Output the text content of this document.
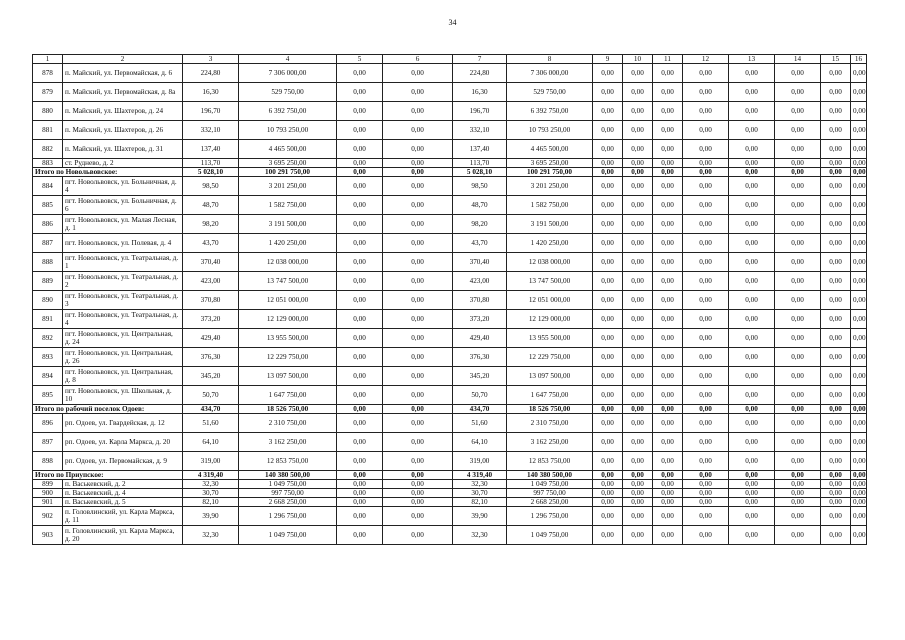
34
1	2	3	4	5	6	7	8	9	10	11	12	13	14	15	16
878	п. Майский, ул. Первомайская, д. 6	224,80	7 306 000,00	0,00	0,00	224,80	7 306 000,00	0,00	0,00	0,00	0,00	0,00	0,00	0,00	0,00
879	п. Майский, ул. Первомайская, д. 8а	16,30	529 750,00	0,00	0,00	16,30	529 750,00	0,00	0,00	0,00	0,00	0,00	0,00	0,00	0,00
880	п. Майский, ул. Шахтеров, д. 24	196,70	6 392 750,00	0,00	0,00	196,70	6 392 750,00	0,00	0,00	0,00	0,00	0,00	0,00	0,00	0,00
881	п. Майский, ул. Шахтеров, д. 26	332,10	10 793 250,00	0,00	0,00	332,10	10 793 250,00	0,00	0,00	0,00	0,00	0,00	0,00	0,00	0,00
882	п. Майский, ул. Шахтеров, д. 31	137,40	4 465 500,00	0,00	0,00	137,40	4 465 500,00	0,00	0,00	0,00	0,00	0,00	0,00	0,00	0,00
883	ст. Руднево, д. 2	113,70	3 695 250,00	0,00	0,00	113,70	3 695 250,00	0,00	0,00	0,00	0,00	0,00	0,00	0,00	0,00
Итого по Новольвовское:		5 028,10	100 291 750,00	0,00	0,00	5 028,10	100 291 750,00	0,00	0,00	0,00	0,00	0,00	0,00	0,00	0,00
884	пгт. Новольвовск, ул. Больничная, д. 4	98,50	3 201 250,00	0,00	0,00	98,50	3 201 250,00	0,00	0,00	0,00	0,00	0,00	0,00	0,00	0,00
885	пгт. Новольвовск, ул. Больничная, д. 6	48,70	1 582 750,00	0,00	0,00	48,70	1 582 750,00	0,00	0,00	0,00	0,00	0,00	0,00	0,00	0,00
886	пгт. Новольвовск, ул. Малая Лесная, д. 1	98,20	3 191 500,00	0,00	0,00	98,20	3 191 500,00	0,00	0,00	0,00	0,00	0,00	0,00	0,00	0,00
887	пгт. Новольвовск, ул. Полевая, д. 4	43,70	1 420 250,00	0,00	0,00	43,70	1 420 250,00	0,00	0,00	0,00	0,00	0,00	0,00	0,00	0,00
888	пгт. Новольвовск, ул. Театральная, д. 1	370,40	12 038 000,00	0,00	0,00	370,40	12 038 000,00	0,00	0,00	0,00	0,00	0,00	0,00	0,00	0,00
889	пгт. Новольвовск, ул. Театральная, д. 2	423,00	13 747 500,00	0,00	0,00	423,00	13 747 500,00	0,00	0,00	0,00	0,00	0,00	0,00	0,00	0,00
890	пгт. Новольвовск, ул. Театральная, д. 3	370,80	12 051 000,00	0,00	0,00	370,80	12 051 000,00	0,00	0,00	0,00	0,00	0,00	0,00	0,00	0,00
891	пгт. Новольвовск, ул. Театральная, д. 4	373,20	12 129 000,00	0,00	0,00	373,20	12 129 000,00	0,00	0,00	0,00	0,00	0,00	0,00	0,00	0,00
892	пгт. Новольвовск, ул. Центральная, д. 24	429,40	13 955 500,00	0,00	0,00	429,40	13 955 500,00	0,00	0,00	0,00	0,00	0,00	0,00	0,00	0,00
893	пгт. Новольвовск, ул. Центральная, д. 26	376,30	12 229 750,00	0,00	0,00	376,30	12 229 750,00	0,00	0,00	0,00	0,00	0,00	0,00	0,00	0,00
894	пгт. Новольвовск, ул. Центральная, д. 8	345,20	13 097 500,00	0,00	0,00	345,20	13 097 500,00	0,00	0,00	0,00	0,00	0,00	0,00	0,00	0,00
895	пгт. Новольвовск, ул. Школьная, д. 10	50,70	1 647 750,00	0,00	0,00	50,70	1 647 750,00	0,00	0,00	0,00	0,00	0,00	0,00	0,00	0,00
Итого по рабочий поселок Одоев:		434,70	18 526 750,00	0,00	0,00	434,70	18 526 750,00	0,00	0,00	0,00	0,00	0,00	0,00	0,00	0,00
896	рп. Одоев, ул. Гвардейская, д. 12	51,60	2 310 750,00	0,00	0,00	51,60	2 310 750,00	0,00	0,00	0,00	0,00	0,00	0,00	0,00	0,00
897	рп. Одоев, ул. Карла Маркса, д. 20	64,10	3 162 250,00	0,00	0,00	64,10	3 162 250,00	0,00	0,00	0,00	0,00	0,00	0,00	0,00	0,00
898	рп. Одоев, ул. Первомайская, д. 9	319,00	12 853 750,00	0,00	0,00	319,00	12 853 750,00	0,00	0,00	0,00	0,00	0,00	0,00	0,00	0,00
Итого по Приупское:		4 319,40	140 380 500,00	0,00	0,00	4 319,40	140 380 500,00	0,00	0,00	0,00	0,00	0,00	0,00	0,00	0,00
899	п. Васькевский, д. 2	32,30	1 049 750,00	0,00	0,00	32,30	1 049 750,00	0,00	0,00	0,00	0,00	0,00	0,00	0,00	0,00
900	п. Васькевский, д. 4	30,70	997 750,00	0,00	0,00	30,70	997 750,00	0,00	0,00	0,00	0,00	0,00	0,00	0,00	0,00
901	п. Васькевский, д. 5	82,10	2 668 250,00	0,00	0,00	82,10	2 668 250,00	0,00	0,00	0,00	0,00	0,00	0,00	0,00	0,00
902	п. Головлинский, ул. Карла Маркса, д. 11	39,90	1 296 750,00	0,00	0,00	39,90	1 296 750,00	0,00	0,00	0,00	0,00	0,00	0,00	0,00	0,00
903	п. Головлинский, ул. Карла Маркса, д. 20	32,30	1 049 750,00	0,00	0,00	32,30	1 049 750,00	0,00	0,00	0,00	0,00	0,00	0,00	0,00	0,00
